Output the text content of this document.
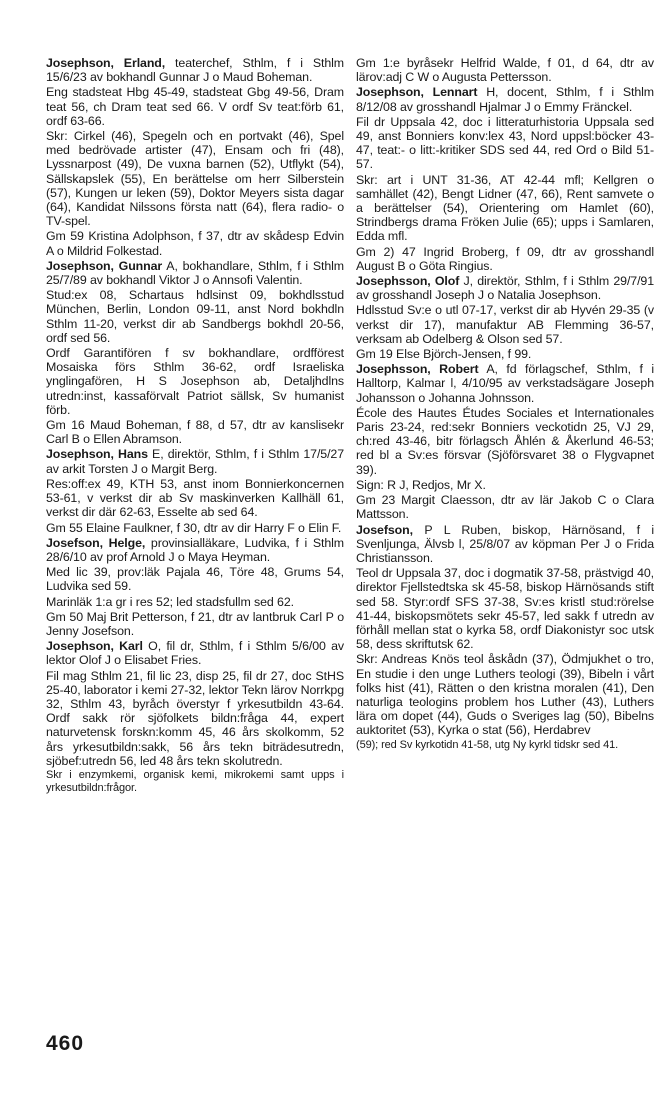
Josephson, Erland, teaterchef, Sthlm, f i Sthlm 15/6/23 av bokhandl Gunnar J o Maud Boheman.

Eng stadsteat Hbg 45-49, stadsteat Gbg 49-56, Dram teat 56, ch Dram teat sed 66. V ordf Sv teat:förb 61, ordf 63-66.

Skr: Cirkel (46), Spegeln och en portvakt (46), Spel med bedrövade artister (47), Ensam och fri (48), Lyssnarpost (49), De vuxna barnen (52), Utflykt (54), Sällskapslek (55), En berättelse om herr Silberstein (57), Kungen ur leken (59), Doktor Meyers sista dagar (64), Kandidat Nilssons första natt (64), flera radio- o TV-spel.

Gm 59 Kristina Adolphson, f 37, dtr av skådesp Edvin A o Mildrid Folkestad.

Josephson, Gunnar A, bokhandlare, Sthlm, f i Sthlm 25/7/89 av bokhandl Viktor J o Annsofi Valentin.

Stud:ex 08, Schartaus hdlsinst 09, bokhdlsstud München, Berlin, London 09-11, anst Nord bokhdln Sthlm 11-20, verkst dir ab Sandbergs bokhdl 20-56, ordf sed 56.

Ordf Garantifören f sv bokhandlare, ordfförest Mosaiska förs Sthlm 36-62, ordf Israeliska ynglingafören, H S Josephson ab, Detaljhdlns utredn:inst, kassaförvalt Patriot sällsk, Sv humanist förb.

Gm 16 Maud Boheman, f 88, d 57, dtr av kanslisekr Carl B o Ellen Abramson.

Josephson, Hans E, direktör, Sthlm, f i Sthlm 17/5/27 av arkit Torsten J o Margit Berg.

Res:off:ex 49, KTH 53, anst inom Bonnierkoncernen 53-61, v verkst dir ab Sv maskinverken Kallhäll 61, verkst dir där 62-63, Esselte ab sed 64.

Gm 55 Elaine Faulkner, f 30, dtr av dir Harry F o Elin F.

Josefson, Helge, provinsialläkare, Ludvika, f i Sthlm 28/6/10 av prof Arnold J o Maya Heyman.

Med lic 39, prov:läk Pajala 46, Töre 48, Grums 54, Ludvika sed 59.

Marinläk 1:a gr i res 52; led stadsfullm sed 62.

Gm 50 Maj Brit Petterson, f 21, dtr av lantbruk Carl P o Jenny Josefson.

Josephson, Karl O, fil dr, Sthlm, f i Sthlm 5/6/00 av lektor Olof J o Elisabet Fries.

Fil mag Sthlm 21, fil lic 23, disp 25, fil dr 27, doc StHS 25-40, laborator i kemi 27-32, lektor Tekn lärov Norrkpg 32, Sthlm 43, byråch överstyr f yrkesutbildn 43-64. Ordf sakk rör sjöfolkets bildn:fråga 44, expert naturvetensk forskn:komm 45, 46 års skolkomm, 52 års yrkesutbildn:sakk, 56 års tekn biträdesutredn, sjöbef:utredn 56, led 48 års tekn skolutredn.

Skr i enzymkemi, organisk kemi, mikrokemi samt upps i yrkesutbildn:frågor.

Gm 1:e byråsekr Helfrid Walde, f 01, d 64, dtr av lärov:adj C W o Augusta Pettersson.

Josephson, Lennart H, docent, Sthlm, f i Sthlm 8/12/08 av grosshandl Hjalmar J o Emmy Fränckel.

Fil dr Uppsala 42, doc i litteraturhistoria Uppsala sed 49, anst Bonniers konv:lex 43, Nord uppsl:böcker 43-47, teat:- o litt:-kritiker SDS sed 44, red Ord o Bild 51-57.

Skr: art i UNT 31-36, AT 42-44 mfl; Kellgren o samhället (42), Bengt Lidner (47, 66), Rent samvete o a berättelser (54), Orientering om Hamlet (60), Strindbergs drama Fröken Julie (65); upps i Samlaren, Edda mfl.

Gm 2) 47 Ingrid Broberg, f 09, dtr av grosshandl August B o Göta Ringius.

Josephsson, Olof J, direktör, Sthlm, f i Sthlm 29/7/91 av grosshandl Joseph J o Natalia Josephson.

Hdlsstud Sv:e o utl 07-17, verkst dir ab Hyvén 29-35 (v verkst dir 17), manufaktur AB Flemming 36-57, verksam ab Odelberg & Olson sed 57.

Gm 19 Else Björch-Jensen, f 99.

Josephsson, Robert A, fd förlagschef, Sthlm, f i Halltorp, Kalmar l, 4/10/95 av verkstadsägare Joseph Johansson o Johanna Johnsson.

École des Hautes Études Sociales et Internationales Paris 23-24, red:sekr Bonniers veckotidn 25, VJ 29, ch:red 43-46, bitr förlagsch Åhlén & Åkerlund 46-53; red bl a Sv:es försvar (Sjöförsvaret 38 o Flygvapnet 39).

Sign: R J, Redjos, Mr X.

Gm 23 Margit Claesson, dtr av lär Jakob C o Clara Mattsson.

Josefson, P L Ruben, biskop, Härnösand, f i Svenljunga, Älvsb l, 25/8/07 av köpman Per J o Frida Christiansson.

Teol dr Uppsala 37, doc i dogmatik 37-58, prästvigd 40, direktor Fjellstedtska sk 45-58, biskop Härnösands stift sed 58. Styr:ordf SFS 37-38, Sv:es kristl stud:rörelse 41-44, biskopsmötets sekr 45-57, led sakk f utredn av förhåll mellan stat o kyrka 58, ordf Diakonistyr soc utsk 58, dess skriftutsk 62.

Skr: Andreas Knös teol åskådn (37), Ödmjukhet o tro, En studie i den unge Luthers teologi (39), Bibeln i vårt folks hist (41), Rätten o den kristna moralen (41), Den naturliga teologins problem hos Luther (43), Luthers lära om dopet (44), Guds o Sveriges lag (50), Bibelns auktoritet (53), Kyrka o stat (56), Herdabrev

(59); red Sv kyrkotidn 41-58, utg Ny kyrkl tidskr sed 41.

460
